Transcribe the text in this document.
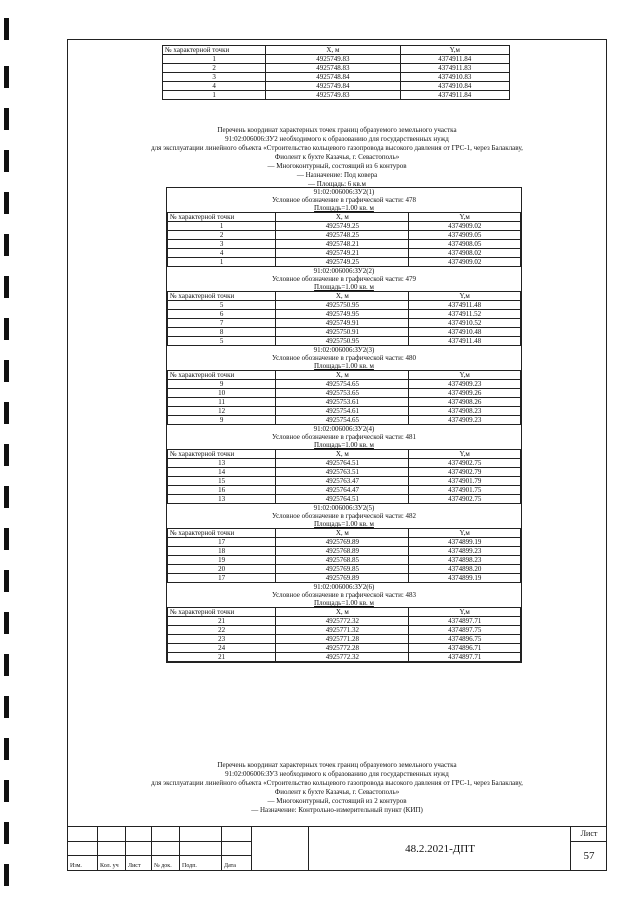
№ характерной точки	X, м	Y,м
1	4925749.83	4374911.84
2	4925748.83	4374911.83
3	4925748.84	4374910.83
4	4925749.84	4374910.84
1	4925749.83	4374911.84
Перечень координат характерных точек границ образуемого земельного участка
91:02:006006:ЗУ2 необходимого к образованию для государственных нужд
для эксплуатации линейного объекта «Строительство кольцевого газопровода высокого давления от ГРС-1, через Балаклаву,
Фиолент к бухте Казачья, г. Севастополь»
— Многоконтурный, состоящий из 6 контуров
— Назначение: Под ковера
— Площадь: 6 кв.м
91:02:006006:ЗУ2(1)
Условное обозначение в графической части: 478
Площадь=1.00 кв. м
№ характерной точки	X, м	Y,м
1	4925749.25	4374909.02
2	4925748.25	4374909.05
3	4925748.21	4374908.05
4	4925749.21	4374908.02
1	4925749.25	4374909.02
91:02:006006:ЗУ2(2)
Условное обозначение в графической части: 479
Площадь=1.00 кв. м
№ характерной точки	X, м	Y,м
5	4925750.95	4374911.48
6	4925749.95	4374911.52
7	4925749.91	4374910.52
8	4925750.91	4374910.48
5	4925750.95	4374911.48
91:02:006006:ЗУ2(3)
Условное обозначение в графической части: 480
Площадь=1.00 кв. м
№ характерной точки	X, м	Y,м
9	4925754.65	4374909.23
10	4925753.65	4374909.26
11	4925753.61	4374908.26
12	4925754.61	4374908.23
9	4925754.65	4374909.23
91:02:006006:ЗУ2(4)
Условное обозначение в графической части: 481
Площадь=1.00 кв. м
№ характерной точки	X, м	Y,м
13	4925764.51	4374902.75
14	4925763.51	4374902.79
15	4925763.47	4374901.79
16	4925764.47	4374901.75
13	4925764.51	4374902.75
91:02:006006:ЗУ2(5)
Условное обозначение в графической части: 482
Площадь=1.00 кв. м
№ характерной точки	X, м	Y,м
17	4925769.89	4374899.19
18	4925768.89	4374899.23
19	4925768.85	4374898.23
20	4925769.85	4374898.20
17	4925769.89	4374899.19
91:02:006006:ЗУ2(6)
Условное обозначение в графической части: 483
Площадь=1.00 кв. м
№ характерной точки	X, м	Y,м
21	4925772.32	4374897.71
22	4925771.32	4374897.75
23	4925771.28	4374896.75
24	4925772.28	4374896.71
21	4925772.32	4374897.71
Перечень координат характерных точек границ образуемого земельного участка
91:02:006006:ЗУ3 необходимого к образованию для государственных нужд
для эксплуатации линейного объекта «Строительство кольцевого газопровода высокого давления от ГРС-1, через Балаклаву,
Фиолент к бухте Казачья, г. Севастополь»
— Многоконтурный, состоящий из 2 контуров
— Назначение: Контрольно-измерительный пункт (КИП)
Изм.	Кол. уч Лист № док. Подп.	Дата
48.2.2021-ДПТ
Лист
57
